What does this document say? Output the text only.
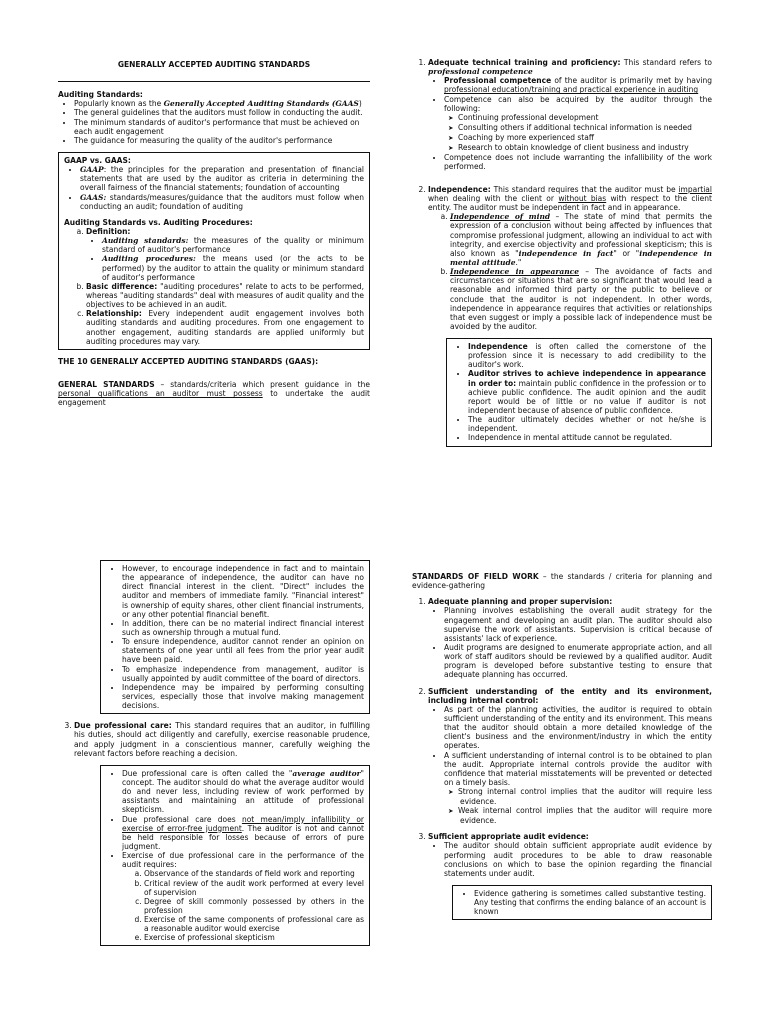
GENERALLY ACCEPTED AUDITING STANDARDS

Auditing Standards:

• Popularly known as the Generally Accepted Auditing Standards (GAAS)
• The general guidelines that the auditors must follow in conducting the audit.
• The minimum standards of auditor's performance that must be achieved on each audit engagement
• The guidance for measuring the quality of the auditor's performance

GAAP vs. GAAS:

• GAAP: the principles for the preparation and presentation of financial statements that are used by the auditor as criteria in determining the overall fairness of the financial statements; foundation of accounting
• GAAS: standards/measures/guidance that the auditors must follow when conducting an audit; foundation of auditing

Auditing Standards vs. Auditing Procedures:

a. Definition:
• Auditing standards: the measures of the quality or minimum standard of auditor's performance
• Auditing procedures: the means used (or the acts to be performed) by the auditor to attain the quality or minimum standard of auditor's performance
b. Basic difference: "auditing procedures" relate to acts to be performed, whereas "auditing standards" deal with measures of audit quality and the objectives to be achieved in an audit.
c. Relationship: Every independent audit engagement involves both auditing standards and auditing procedures. From one engagement to another engagement, auditing standards are applied uniformly but auditing procedures may vary.

THE 10 GENERALLY ACCEPTED AUDITING STANDARDS (GAAS):

GENERAL STANDARDS – standards/criteria which present guidance in the personal qualifications an auditor must possess to undertake the audit engagement

1. Adequate technical training and proficiency: This standard refers to professional competence
• Professional competence of the auditor is primarily met by having professional education/training and practical experience in auditing
• Competence can also be acquired by the auditor through the following:
➤ Continuing professional development
➤ Consulting others if additional technical information is needed
➤ Coaching by more experienced staff
➤ Research to obtain knowledge of client business and industry
• Competence does not include warranting the infallibility of the work performed.
2. Independence: This standard requires that the auditor must be impartial when dealing with the client or without bias with respect to the client entity. The auditor must be independent in fact and in appearance.
a. Independence of mind – The state of mind that permits the expression of a conclusion without being affected by influences that compromise professional judgment, allowing an individual to act with integrity, and exercise objectivity and professional skepticism; this is also known as "independence in fact" or "independence in mental attitude."
b. Independence in appearance – The avoidance of facts and circumstances or situations that are so significant that would lead a reasonable and informed third party or the public to believe or conclude that the auditor is not independent. In other words, independence in appearance requires that activities or relationships that even suggest or imply a possible lack of independence must be avoided by the auditor.
• Independence is often called the cornerstone of the profession since it is necessary to add credibility to the auditor's work.
• Auditor strives to achieve independence in appearance in order to: maintain public confidence in the profession or to achieve public confidence. The audit opinion and the audit report would be of little or no value if auditor is not independent because of absence of public confidence.
• The auditor ultimately decides whether or not he/she is independent.
• Independence in mental attitude cannot be regulated.
• However, to encourage independence in fact and to maintain the appearance of independence, the auditor can have no direct financial interest in the client. "Direct" includes the auditor and members of immediate family. "Financial interest" is ownership of equity shares, other client financial instruments, or any other potential financial benefit.
• In addition, there can be no material indirect financial interest such as ownership through a mutual fund.
• To ensure independence, auditor cannot render an opinion on statements of one year until all fees from the prior year audit have been paid.
• To emphasize independence from management, auditor is usually appointed by audit committee of the board of directors.
• Independence may be impaired by performing consulting services, especially those that involve making management decisions.
3. Due professional care: This standard requires that an auditor, in fulfilling his duties, should act diligently and carefully, exercise reasonable prudence, and apply judgment in a conscientious manner, carefully weighing the relevant factors before reaching a decision.
• Due professional care is often called the "average auditor" concept. The auditor should do what the average auditor would do and never less, including review of work performed by assistants and maintaining an attitude of professional skepticism.
• Due professional care does not mean/imply infallibility or exercise of error-free judgment. The auditor is not and cannot be held responsible for losses because of errors of pure judgment.
• Exercise of due professional care in the performance of the audit requires:
a. Observance of the standards of field work and reporting
b. Critical review of the audit work performed at every level of supervision
c. Degree of skill commonly possessed by others in the profession
d. Exercise of the same components of professional care as a reasonable auditor would exercise
e. Exercise of professional skepticism

STANDARDS OF FIELD WORK – the standards / criteria for planning and evidence-gathering

1. Adequate planning and proper supervision:
• Planning involves establishing the overall audit strategy for the engagement and developing an audit plan. The auditor should also supervise the work of assistants. Supervision is critical because of assistants' lack of experience.
• Audit programs are designed to enumerate appropriate action, and all work of staff auditors should be reviewed by a qualified auditor. Audit program is developed before substantive testing to ensure that adequate planning has occurred.
2. Sufficient understanding of the entity and its environment, including internal control:
• As part of the planning activities, the auditor is required to obtain sufficient understanding of the entity and its environment. This means that the auditor should obtain a more detailed knowledge of the client's business and the environment/industry in which the entity operates.
• A sufficient understanding of internal control is to be obtained to plan the audit. Appropriate internal controls provide the auditor with confidence that material misstatements will be prevented or detected on a timely basis.
➤ Strong internal control implies that the auditor will require less evidence.
➤ Weak internal control implies that the auditor will require more evidence.
3. Sufficient appropriate audit evidence:
• The auditor should obtain sufficient appropriate audit evidence by performing audit procedures to be able to draw reasonable conclusions on which to base the opinion regarding the financial statements under audit.
• Evidence gathering is sometimes called substantive testing. Any testing that confirms the ending balance of an account is known
